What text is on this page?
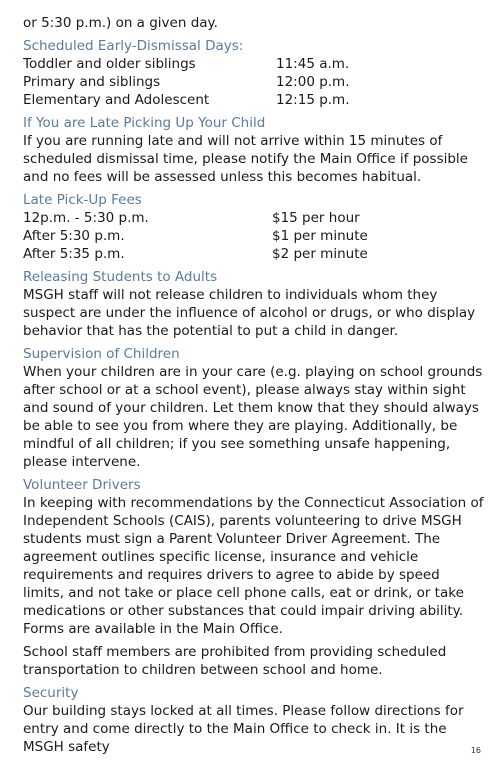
or 5:30 p.m.) on a given day.
Scheduled Early-Dismissal Days:
Toddler and older siblings	11:45 a.m.
Primary and siblings	12:00 p.m.
Elementary and Adolescent	12:15 p.m.
If You are Late Picking Up Your Child
If you are running late and will not arrive within 15 minutes of scheduled dismissal time, please notify the Main Office if possible and no fees will be assessed unless this becomes habitual.
Late Pick-Up Fees
12p.m. - 5:30 p.m.	$15 per hour
After 5:30 p.m.	$1 per minute
After 5:35 p.m.	$2 per minute
Releasing Students to Adults
MSGH staff will not release children to individuals whom they suspect are under the influence of alcohol or drugs, or who display behavior that has the potential to put a child in danger.
Supervision of Children
When your children are in your care (e.g. playing on school grounds after school or at a school event), please always stay within sight and sound of your children. Let them know that they should always be able to see you from where they are playing. Additionally, be mindful of all children; if you see something unsafe happening, please intervene.
Volunteer Drivers
In keeping with recommendations by the Connecticut Association of Independent Schools (CAIS), parents volunteering to drive MSGH students must sign a Parent Volunteer Driver Agreement. The agreement outlines specific license, insurance and vehicle requirements and requires drivers to agree to abide by speed limits, and not take or place cell phone calls, eat or drink, or take medications or other substances that could impair driving ability. Forms are available in the Main Office.
School staff members are prohibited from providing scheduled transportation to children between school and home.
Security
Our building stays locked at all times. Please follow directions for entry and come directly to the Main Office to check in. It is the MSGH safety	16
